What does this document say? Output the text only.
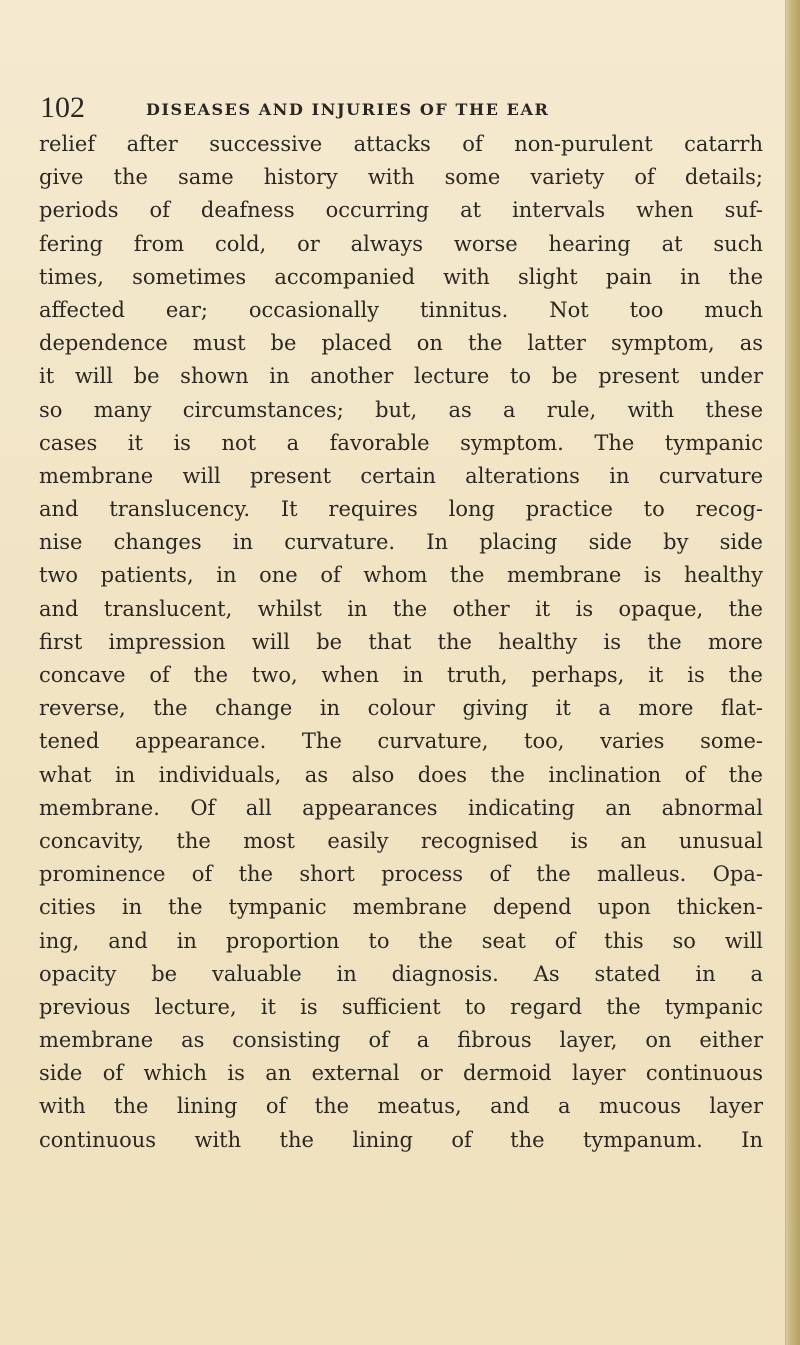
102	DISEASES AND INJURIES OF THE EAR
relief after successive attacks of non-purulent catarrh
give the same history with some variety of details;
periods of deafness occurring at intervals when suf-
fering from cold, or always worse hearing at such
times, sometimes accompanied with slight pain in the
affected ear; occasionally tinnitus. Not too much
dependence must be placed on the latter symptom, as
it will be shown in another lecture to be present under
so many circumstances; but, as a rule, with these
cases it is not a favorable symptom. The tympanic
membrane will present certain alterations in curvature
and translucency. It requires long practice to recog-
nise changes in curvature. In placing side by side
two patients, in one of whom the membrane is healthy
and translucent, whilst in the other it is opaque, the
first impression will be that the healthy is the more
concave of the two, when in truth, perhaps, it is the
reverse, the change in colour giving it a more flat-
tened appearance. The curvature, too, varies some-
what in individuals, as also does the inclination of the
membrane. Of all appearances indicating an abnormal
concavity, the most easily recognised is an unusual
prominence of the short process of the malleus. Opa-
cities in the tympanic membrane depend upon thicken-
ing, and in proportion to the seat of this so will
opacity be valuable in diagnosis. As stated in a
previous lecture, it is sufficient to regard the tympanic
membrane as consisting of a fibrous layer, on either
side of which is an external or dermoid layer continuous
with the lining of the meatus, and a mucous layer
continuous with the lining of the tympanum. In
